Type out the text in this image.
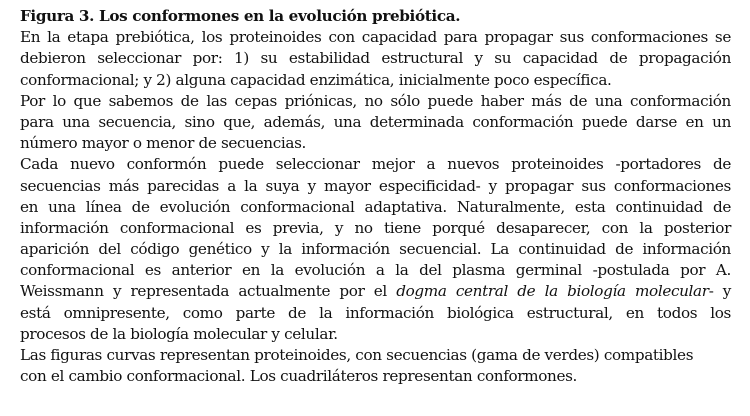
Figura 3. Los conformones en la evolución prebiótica.
En la etapa prebiótica, los proteinoides con capacidad para propagar sus conformaciones se
debieron seleccionar por: 1) su estabilidad estructural y su capacidad de propagación
conformacional; y 2) alguna capacidad enzimática, inicialmente poco específica.
Por lo que sabemos de las cepas priónicas, no sólo puede haber más de una conformación
para una secuencia, sino que, además, una determinada conformación puede darse en un
número mayor o menor de secuencias.
Cada nuevo conformón puede seleccionar mejor a nuevos proteinoides -portadores de
secuencias más parecidas a la suya y mayor especificidad- y propagar sus conformaciones
en una línea de evolución conformacional adaptativa. Naturalmente, esta continuidad de
información conformacional es previa, y no tiene porqué desaparecer, con la posterior
aparición del código genético y la información secuencial. La continuidad de información
conformacional es anterior en la evolución a la del plasma germinal -postulada por A.
Weissmann y representada actualmente por el dogma central de la biología molecular- y
está omnipresente, como parte de la información biológica estructural, en todos los
procesos de la biología molecular y celular.
Las figuras curvas representan proteinoides, con secuencias (gama de verdes) compatibles
con el cambio conformacional. Los cuadriláteros representan conformones.
